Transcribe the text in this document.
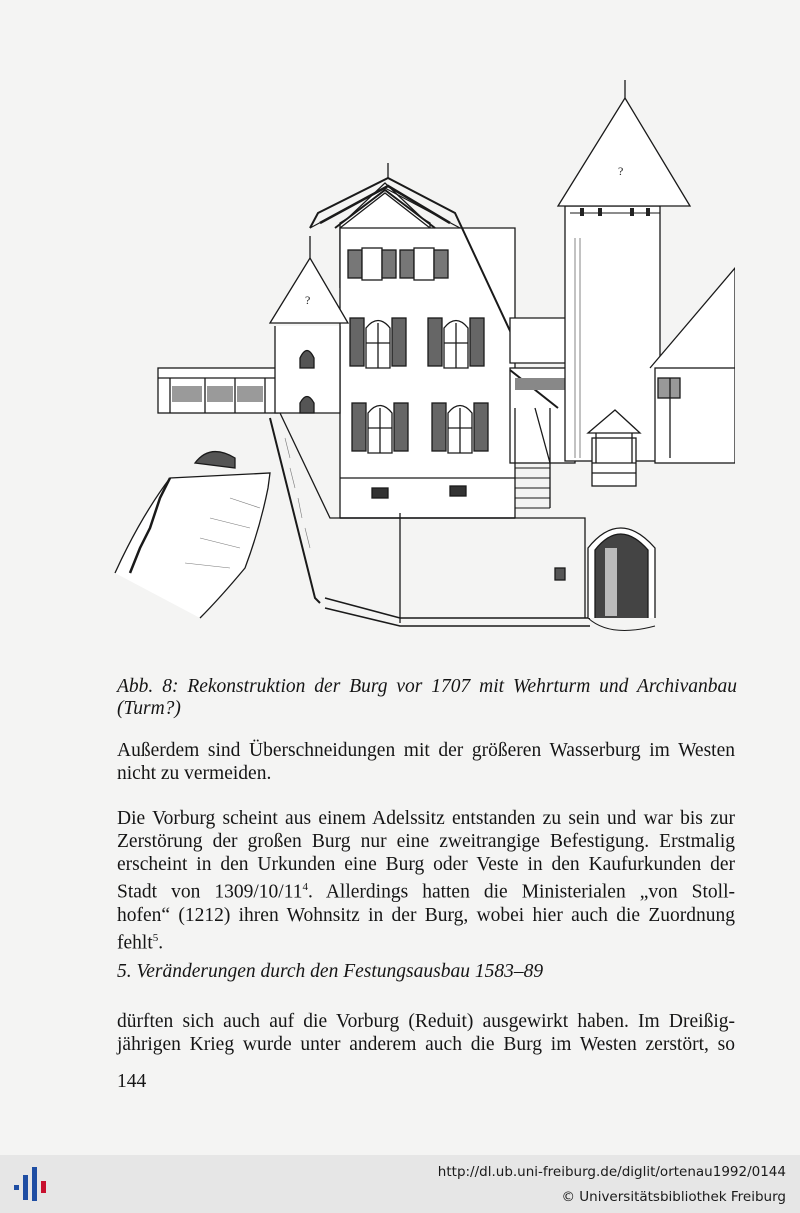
?
?
Abb. 8: Rekonstruktion der Burg vor 1707 mit Wehrturm und Archivanbau (Turm?)
Außerdem sind Überschneidungen mit der größeren Wasserburg im Westen
nicht zu vermeiden.
Die Vorburg scheint aus einem Adelssitz entstanden zu sein und war bis zur
Zerstörung der großen Burg nur eine zweitrangige Befestigung. Erstmalig
erscheint in den Urkunden eine Burg oder Veste in den Kaufurkunden der
Stadt von $1309/10/11^4$. Allerdings hatten die Ministerialen „von Stoll-
hofen“ (1212) ihren Wohnsitz in der Burg, wobei hier auch die Zuordnung
fehlt$^5$.
5. Veränderungen durch den Festungsausbau 1583–89
dürften sich auch auf die Vorburg (Reduit) ausgewirkt haben. Im Dreißig-
jährigen Krieg wurde unter anderem auch die Burg im Westen zerstört, so
144
http://dl.ub.uni-freiburg.de/diglit/ortenau1992/0144
© Universitätsbibliothek Freiburg
